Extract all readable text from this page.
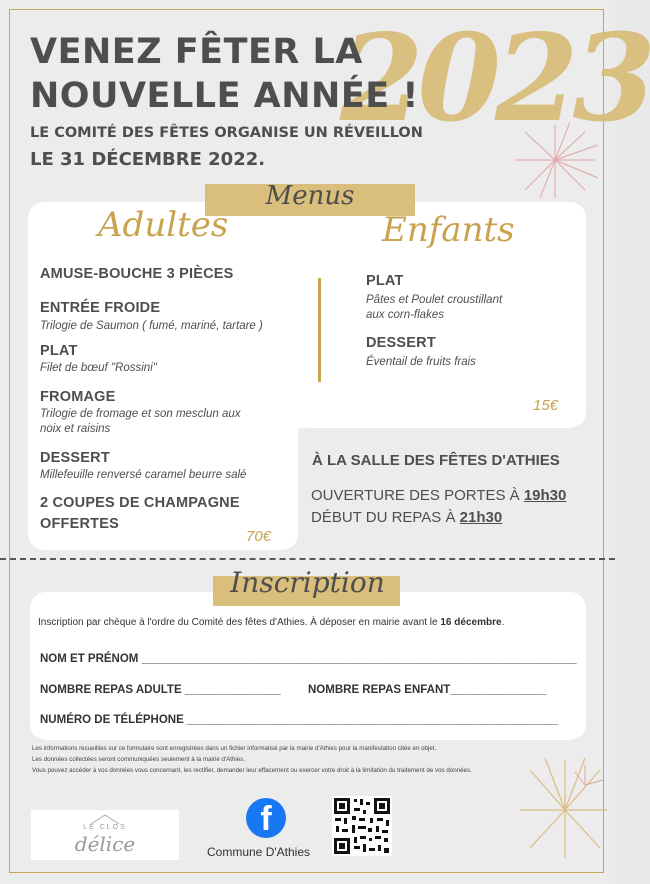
2023
VENEZ FÊTER LA
NOUVELLE ANNÉE !
LE COMITÉ DES FÊTES ORGANISE UN RÉVEILLON
LE 31 DÉCEMBRE 2022.
Menus
Adultes	Enfants
AMUSE-BOUCHE 3 PIÈCES
ENTRÉE FROIDE
Trilogie de Saumon ( fumé, mariné, tartare )
PLAT
Filet de bœuf "Rossini"
FROMAGE
Trilogie de fromage et son mesclun aux
noix et raisins
DESSERT
Millefeuille renversé caramel beurre salé
2 COUPES DE CHAMPAGNE
OFFERTES
70€
PLAT
Pâtes et Poulet croustillant
aux corn-flakes
DESSERT
Éventail de fruits frais
15€
À LA SALLE DES FÊTES D'ATHIES
OUVERTURE DES PORTES À 19h30
DÉBUT DU REPAS À 21h30
Inscription
Inscription par chèque à l'ordre du Comité des fêtes d'Athies. À déposer en mairie avant le 16 décembre.
NOM ET PRÉNOM ____________________________________________________________________
NOMBRE REPAS ADULTE _______________ NOMBRE REPAS ENFANT_______________
NUMÉRO DE TÉLÉPHONE __________________________________________________________
Les informations recueillies sur ce formulaire sont enregistrées dans un fichier informatisé par la mairie d'Athies pour la manifestation citée en objet.
Les données collectées seront communiquées seulement à la mairie d'Athies.
Vous pouvez accéder à vos données vous concernant, les rectifier, demander leur effacement ou exercer votre droit à la limitation du traitement de vos données.
LE CLOS
délice
f
Commune D'Athies
